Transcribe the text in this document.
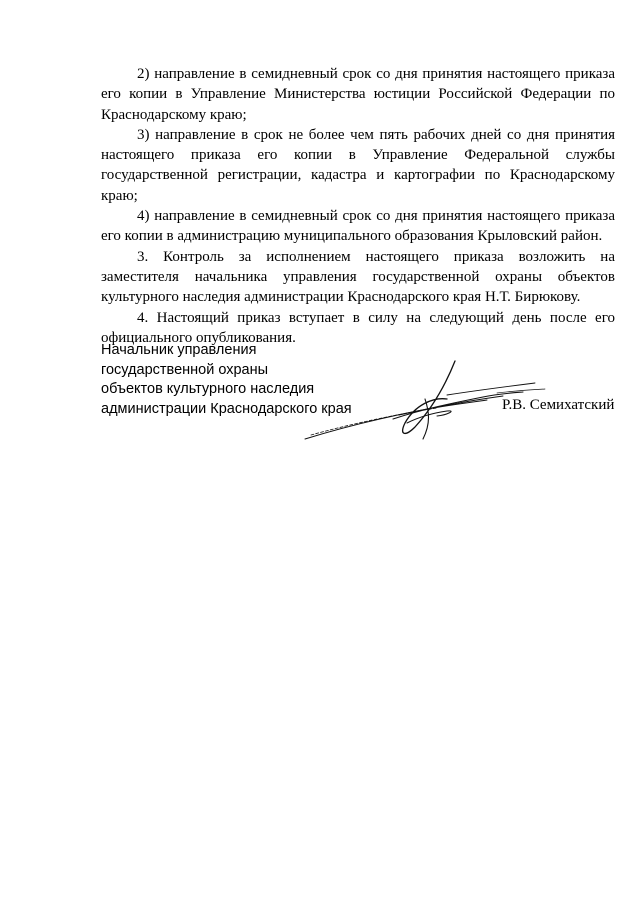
2) направление в семидневный срок со дня принятия настоящего приказа его копии в Управление Министерства юстиции Российской Федерации по Краснодарскому краю;

3) направление в срок не более чем пять рабочих дней со дня принятия настоящего приказа его копии в Управление Федеральной службы государственной регистрации, кадастра и картографии по Краснодарскому краю;

4) направление в семидневный срок со дня принятия настоящего приказа его копии в администрацию муниципального образования Крыловский район.

3. Контроль за исполнением настоящего приказа возложить на заместителя начальника управления государственной охраны объектов культурного наследия администрации Краснодарского края Н.Т. Бирюкову.

4. Настоящий приказ вступает в силу на следующий день после его официального опубликования.

Начальник управления
государственной охраны
объектов культурного наследия
администрации Краснодарского края	Р.В. Семихатский
